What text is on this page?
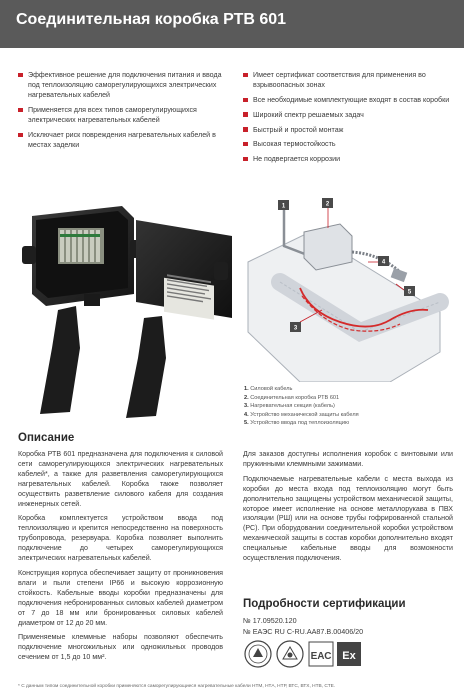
Соединительная коробка РТВ 601
Эффективное решение для подключения питания и ввода под теплоизоляцию саморегулирующихся электрических нагревательных кабелей
Применяется для всех типов саморегулирующихся электрических нагревательных кабелей
Исключает риск повреждения нагревательных кабелей в местах заделки
Имеет сертификат соответствия для применения во взрывоопасных зонах
Все необходимые комплектующие входят в состав коробки
Широкий спектр решаемых задач
Быстрый и простой монтаж
Высокая термостойкость
Не подвергается коррозии
1	2
3
4
5
1. Силовой кабель
2. Соединительная коробка РТВ 601
3. Нагревательная секция (кабель)
4. Устройство механической защиты кабеля
5. Устройство ввода под теплоизоляцию
Описание

Коробка РТВ 601 предназначена для подключения к силовой сети саморегулирующихся электрических нагревательных кабелей*, а также для разветвления саморегулирующихся нагревательных кабелей. Коробка также позволяет осуществить разветвление силового кабеля для создания инженерных сетей.

Коробка комплектуется устройством ввода под теплоизоляцию и крепится непосредственно на поверхность трубопровода, резервуара. Коробка позволяет выполнить подключение до четырех саморегулирующихся электрических нагревательных кабелей.

Конструкция корпуса обеспечивает защиту от проникновения влаги и пыли степени IP66 и высокую коррозионную стойкость. Кабельные вводы коробки предназначены для подключения небронированных силовых кабелей диаметром от 7 до 18 мм или бронированных силовых кабелей диаметром от 12 до 20 мм.

Применяемые клеммные наборы позволяют обеспечить подключение многожильных или одножильных проводов сечением от 1,5 до 10 мм².

Для заказов доступны исполнения коробок с винтовыми или пружинными клеммными зажимами.

Подключаемые нагревательные кабели с места выхода из коробки до места входа под теплоизоляцию могут быть дополнительно защищены устройством механической защиты, которое имеет исполнение на основе металлорукава в ПВХ изоляции (РШ) или на основе трубы гофрированной стальной (РС). При оборудовании соединительной коробки устройством механической защиты в состав коробки дополнительно входят специальные кабельные вводы для возможности осуществления подключения.

Подробности сертификации
№ 17.09520.120
№ ЕАЭС RU C-RU.АА87.В.00406/20
ЕАС Ex
* С данным типом соединительной коробки применяются саморегулирующиеся нагревательные кабели НТМ, НТА, НТР, ВТС, ВТХ, НТВ, СТЕ.
